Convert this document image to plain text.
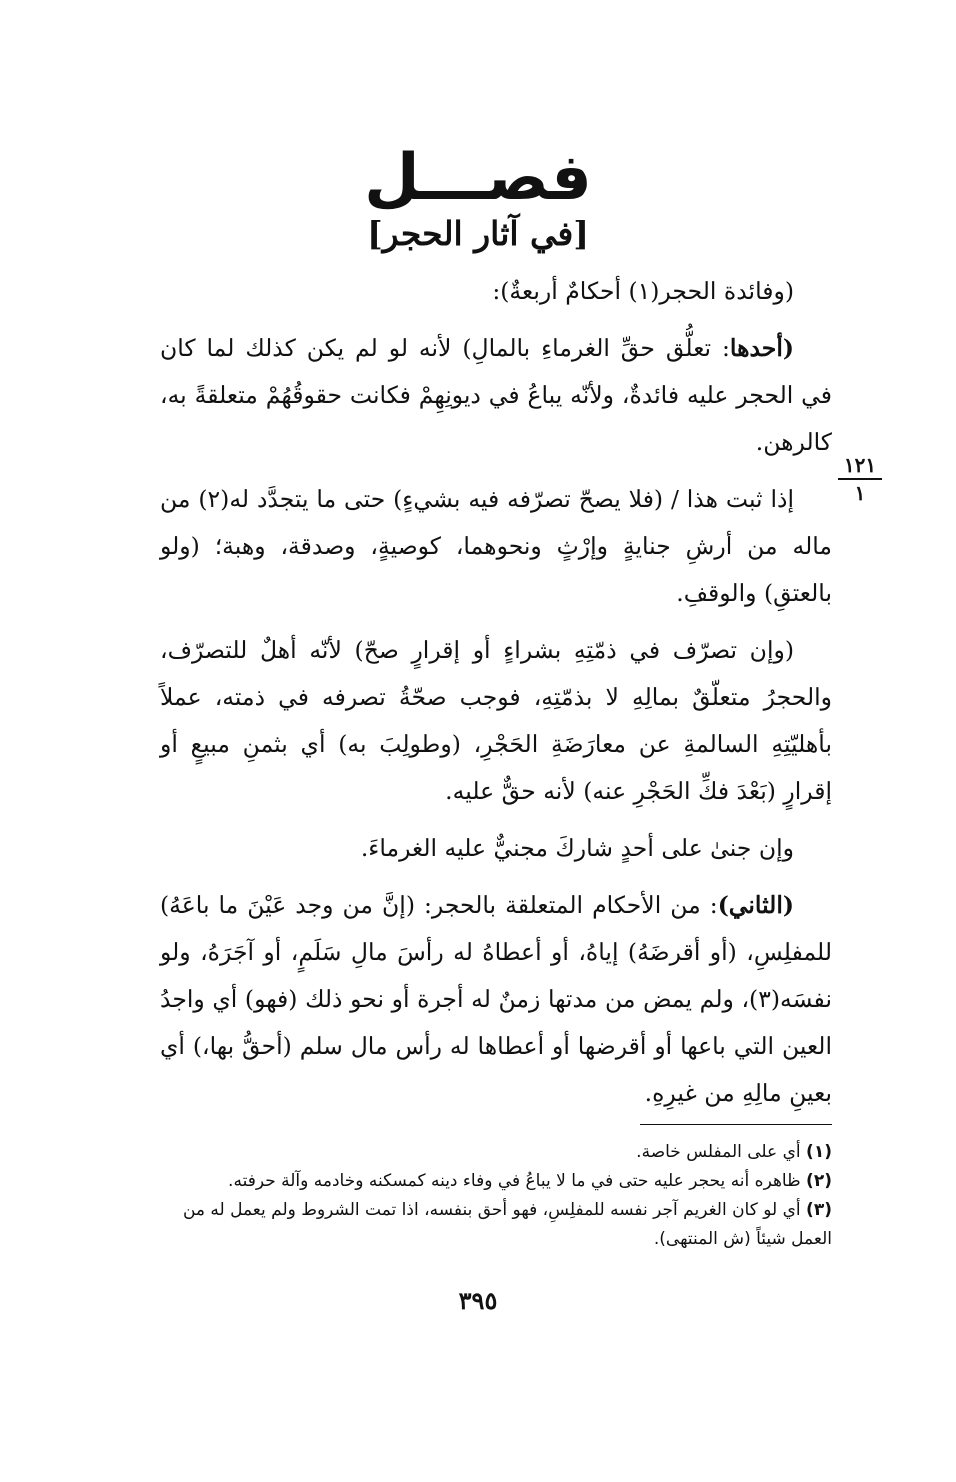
فصـــل
[في آثار الحجر]
١٢١
١

(وفائدة الحجر(١) أحكامٌ أربعةٌ):

(أحدها: تعلُّق حقِّ الغرماءِ بالمالِ) لأنه لو لم يكن كذلك لما كان في الحجر عليه فائدةٌ، ولأنّه يباعُ في ديونِهِمْ فكانت حقوقُهُمْ متعلقةً به، كالرهن.

إذا ثبت هذا / (فلا يصحّ تصرّفه فيه بشيءٍ) حتى ما يتجدَّد له(٢) من ماله من أرشِ جنايةٍ وإرْثٍ ونحوهما، كوصيةٍ، وصدقة، وهبة؛ (ولو بالعتقِ) والوقفِ.

(وإن تصرّف في ذمّتِهِ بشراءٍ أو إقرارٍ صحّ) لأنّه أهلٌ للتصرّف، والحجرُ متعلّقٌ بمالِهِ لا بذمّتِهِ، فوجب صحّةُ تصرفه في ذمته، عملاً بأهليّتِهِ السالمةِ عن معارَضَةِ الحَجْرِ، (وطولِبَ به) أي بثمنِ مبيعٍ أو إقرارٍ (بَعْدَ فكِّ الحَجْرِ عنه) لأنه حقٌّ عليه.

وإن جنىٰ على أحدٍ شاركَ مجنيٌّ عليه الغرماءَ.

(الثاني): من الأحكام المتعلقة بالحجر: (إنَّ من وجد عَيْنَ ما باعَهُ) للمفلِسِ، (أو أقرضَهُ) إياهُ، أو أعطاهُ له رأسَ مالِ سَلَمٍ، أو آجَرَهُ، ولو نفسَه(٣)، ولم يمض من مدتها زمنٌ له أجرة أو نحو ذلك (فهو) أي واجدُ العين التي باعها أو أقرضها أو أعطاها له رأس مال سلم (أحقُّ بها،) أي بعينِ مالِهِ من غيرِهِ.

(١) أي على المفلس خاصة.

(٢) ظاهره أنه يحجر عليه حتى في ما لا يباعُ في وفاء دينه كمسكنه وخادمه وآلة حرفته.

(٣) أي لو كان الغريم آجر نفسه للمفلِسِ، فهو أحق بنفسه، اذا تمت الشروط ولم يعمل له من العمل شيئاً (ش المنتهى).

٣٩٥
